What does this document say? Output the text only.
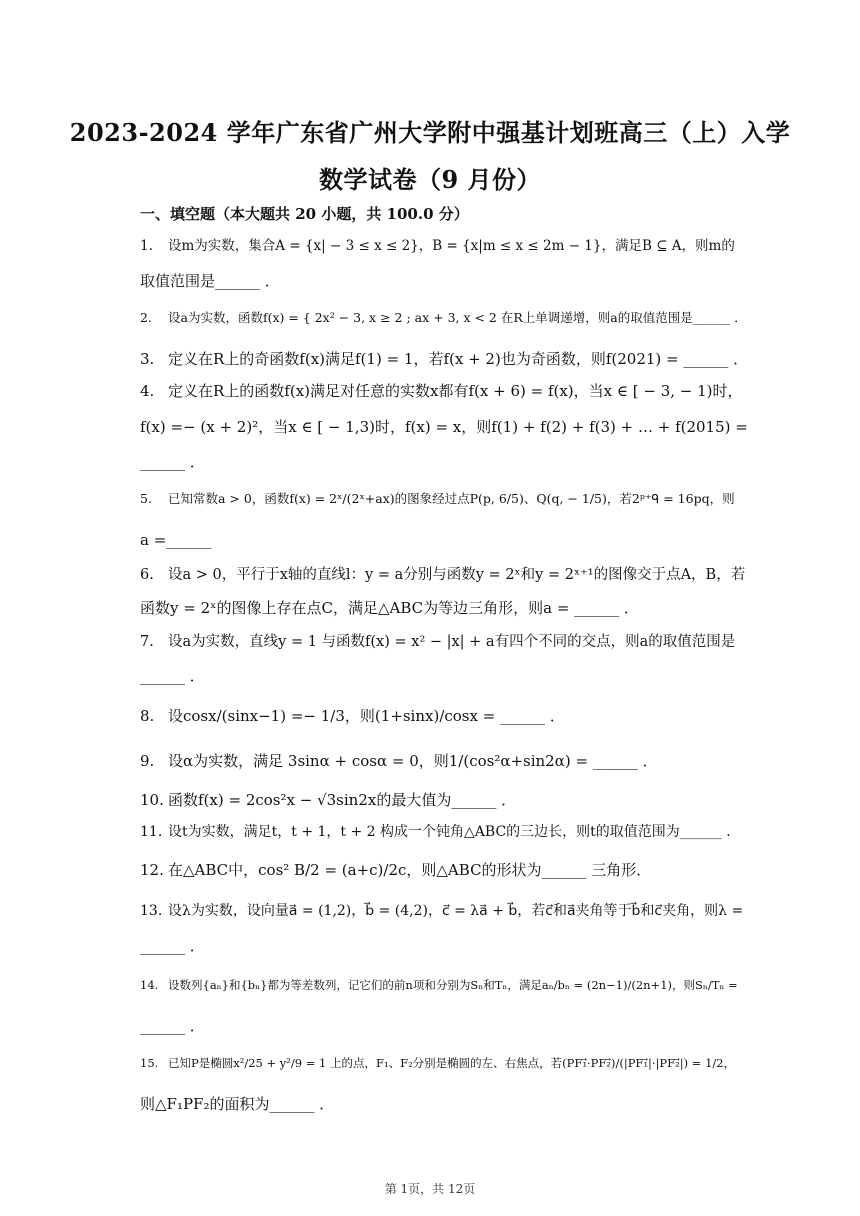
2023-2024 学年广东省广州大学附中强基计划班高三（上）入学
数学试卷（9 月份）
一、填空题（本大题共 20 小题，共 100.0 分）
1. 设m为实数，集合A = {x| − 3 ≤ x ≤ 2}，B = {x|m ≤ x ≤ 2m − 1}，满足B ⊆ A，则m的
取值范围是______ ．
2. 设a为实数，函数f(x) = { 2x² − 3, x ≥ 2 ; ax + 3, x < 2 在R上单调递增，则a的取值范围是______ ．
3. 定义在R上的奇函数f(x)满足f(1) = 1，若f(x + 2)也为奇函数，则f(2021) = ______ ．
4. 定义在R上的函数f(x)满足对任意的实数x都有f(x + 6) = f(x)，当x ∈ [ − 3, − 1)时，
f(x) =− (x + 2)²，当x ∈ [ − 1,3)时，f(x) = x，则f(1) + f(2) + f(3) + … + f(2015) =
______ ．
5. 已知常数a > 0，函数f(x) = 2ˣ/(2ˣ+ax)的图象经过点P(p, 6/5)、Q(q, − 1/5)，若2ᵖ⁺ᑫ = 16pq，则
a =______
6. 设a > 0，平行于x轴的直线l：y = a分别与函数y = 2ˣ和y = 2ˣ⁺¹的图像交于点A，B，若
函数y = 2ˣ的图像上存在点C，满足△ABC为等边三角形，则a = ______ ．
7. 设a为实数，直线y = 1 与函数f(x) = x² − |x| + a有四个不同的交点，则a的取值范围是
______ ．
8. 设cosx/(sinx−1) =− 1/3，则(1+sinx)/cosx = ______ ．
9. 设α为实数，满足 3sinα + cosα = 0，则1/(cos²α+sin2α) = ______ ．
10. 函数f(x) = 2cos²x − √3sin2x的最大值为______ ．
11. 设t为实数，满足t，t + 1，t + 2 构成一个钝角△ABC的三边长，则t的取值范围为______ ．
12. 在△ABC中，cos² B/2 = (a+c)/2c，则△ABC的形状为______ 三角形．
13. 设λ为实数，设向量a⃗ = (1,2)，b⃗ = (4,2)，c⃗ = λa⃗ + b⃗，若c⃗和a⃗夹角等于b⃗和c⃗夹角，则λ =
______ ．
14. 设数列{aₙ}和{bₙ}都为等差数列，记它们的前n项和分别为Sₙ和Tₙ，满足aₙ/bₙ = (2n−1)/(2n+1)，则Sₙ/Tₙ =
______ ．
15. 已知P是椭圆x²/25 + y²/9 = 1 上的点，F₁、F₂分别是椭圆的左、右焦点，若(PF₁⃗·PF₂⃗)/(|PF₁⃗|·|PF₂⃗|) = 1/2，
则△F₁PF₂的面积为______ ．
第 1页，共 12页
